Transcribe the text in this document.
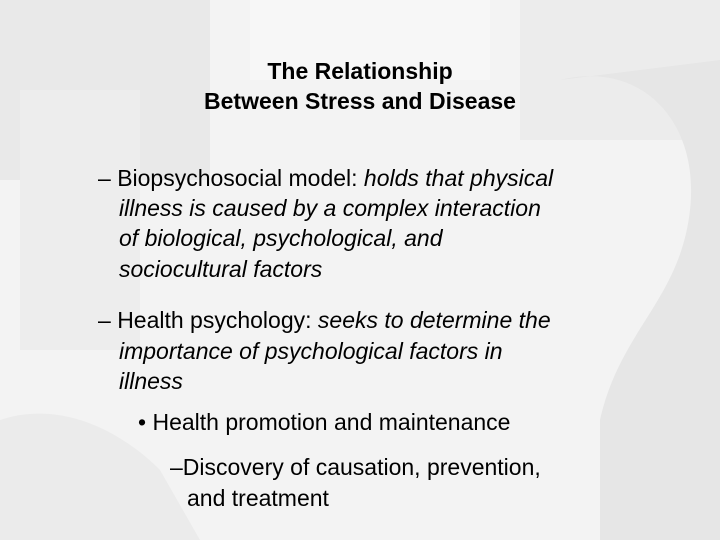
The Relationship
Between Stress and Disease
– Biopsychosocial model: holds that physical
illness is caused by a complex interaction
of biological, psychological, and
sociocultural factors
– Health psychology: seeks to determine the
importance of psychological factors in
illness
• Health promotion and maintenance
–Discovery of causation, prevention,
and treatment
